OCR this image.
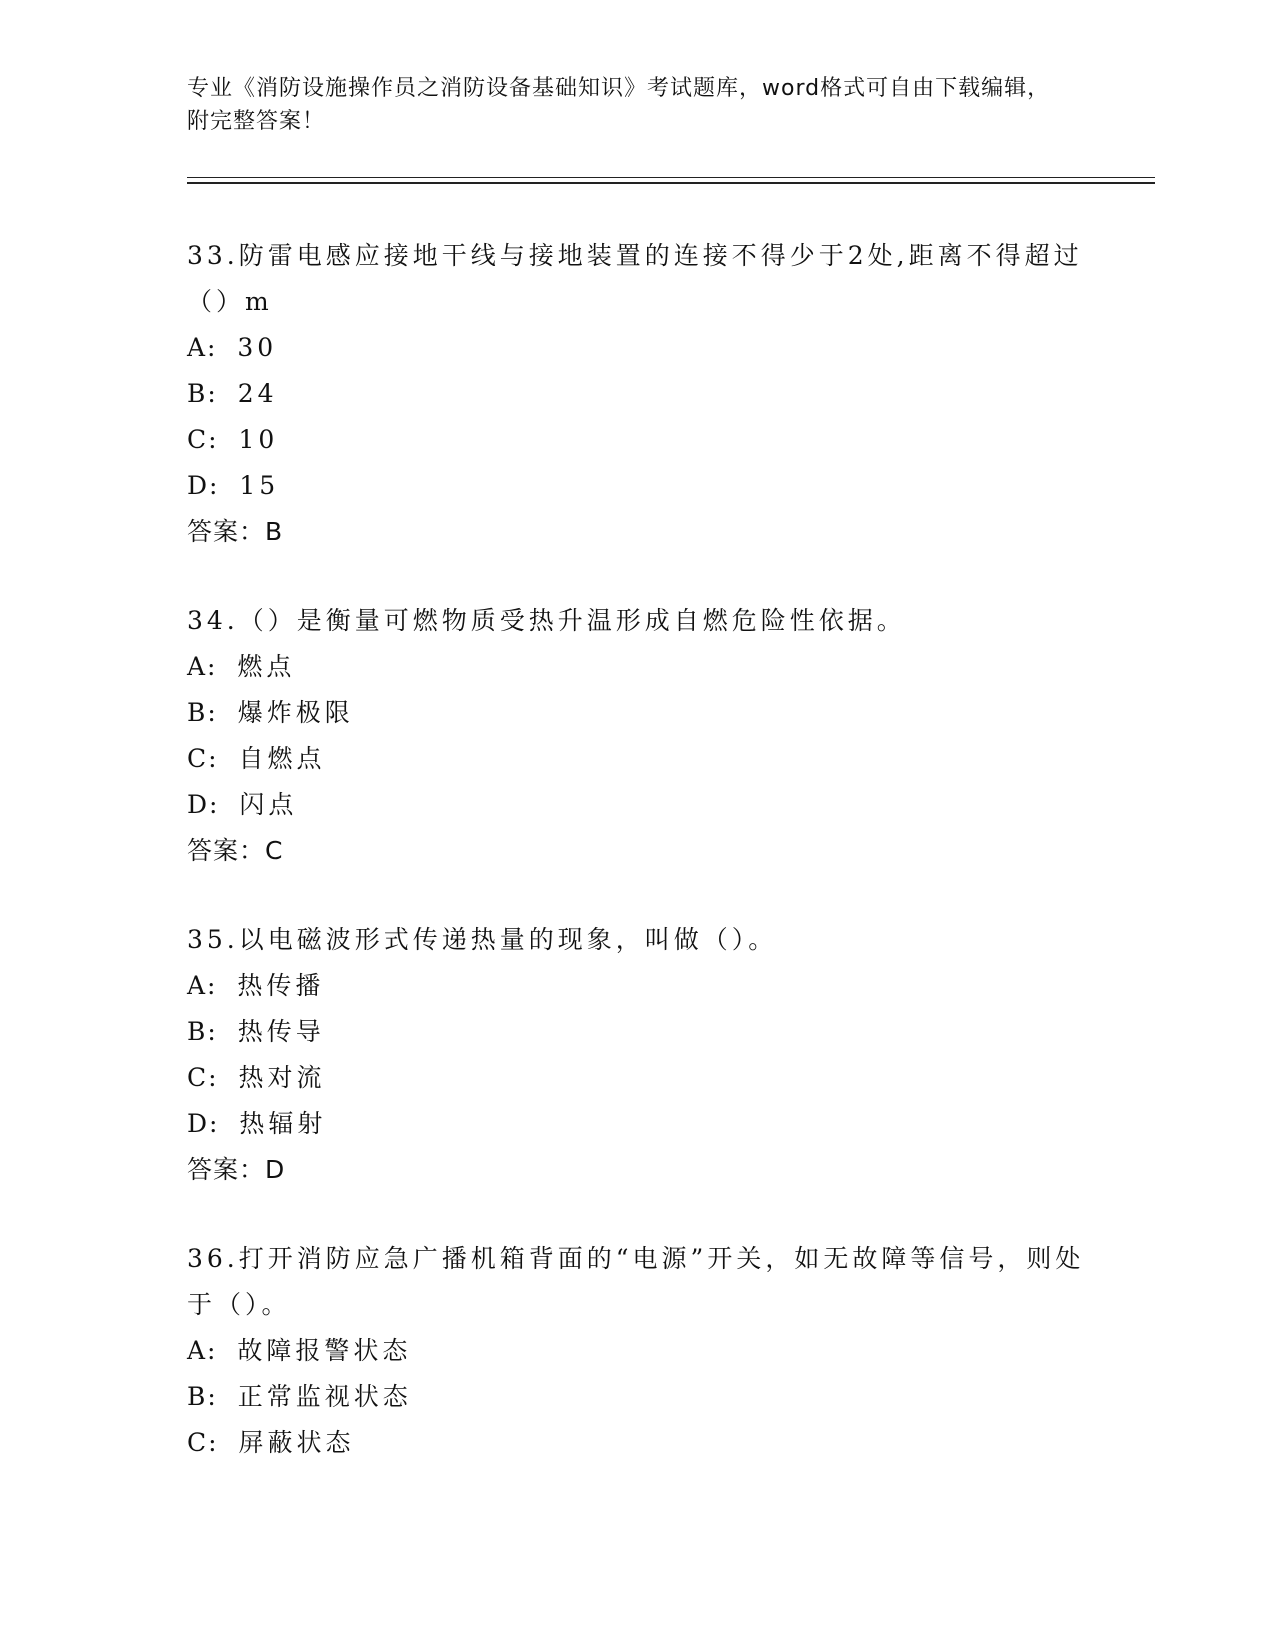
专业《消防设施操作员之消防设备基础知识》考试题库，word格式可自由下载编辑，附完整答案！

33.防雷电感应接地干线与接地装置的连接不得少于2处,距离不得超过（）m

A: 30

B: 24

C: 10

D: 15

答案：B

34.（）是衡量可燃物质受热升温形成自燃危险性依据。

A: 燃点

B: 爆炸极限

C: 自燃点

D: 闪点

答案：C

35.以电磁波形式传递热量的现象，叫做（）。

A: 热传播

B: 热传导

C: 热对流

D: 热辐射

答案：D

36.打开消防应急广播机箱背面的“电源”开关，如无故障等信号，则处于（）。

A: 故障报警状态

B: 正常监视状态

C: 屏蔽状态
